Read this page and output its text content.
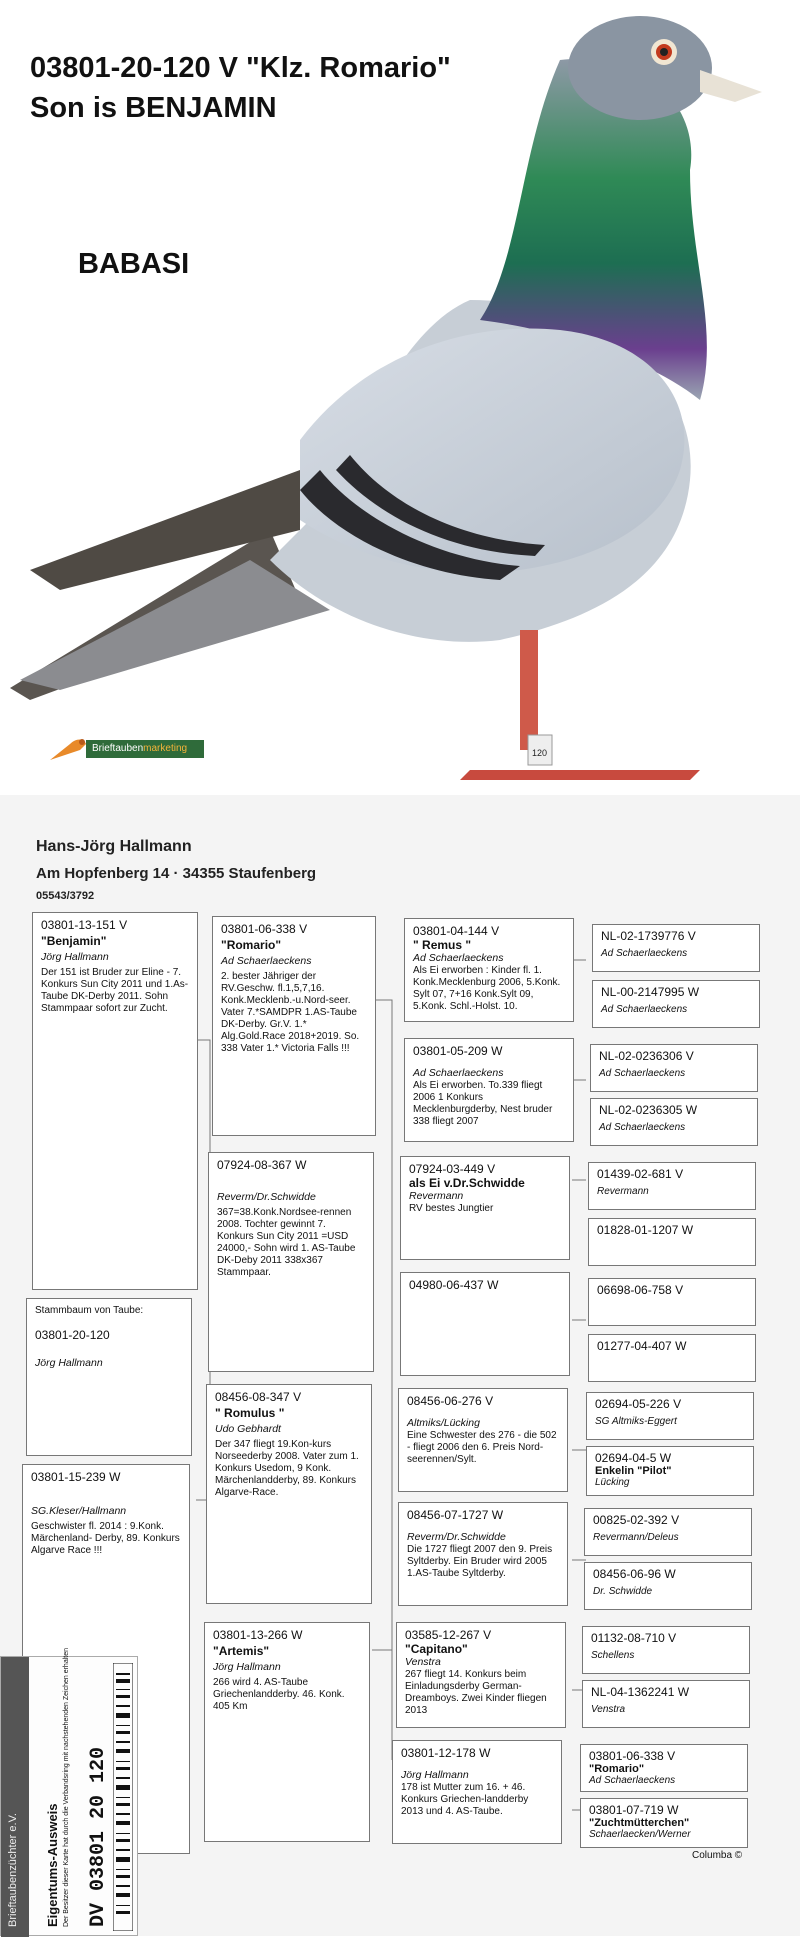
120
03801-20-120 V "Klz. Romario"
Son is BENJAMIN
BABASI
Brieftaubenmarketing
Hans-Jörg Hallmann
Am Hopfenberg 14 · 34355 Staufenberg
05543/3792
03801-13-151 V
"Benjamin"
Jörg Hallmann
Der 151 ist Bruder zur Eline - 7. Konkurs Sun City 2011 und 1.As-Taube DK-Derby 2011. Sohn Stammpaar sofort zur Zucht.
Stammbaum von Taube:
03801-20-120
Jörg Hallmann
03801-15-239 W
SG.Kleser/Hallmann
Geschwister fl. 2014 : 9.Konk. Märchenland- Derby, 89. Konkurs Algarve Race !!!
03801-06-338 V
"Romario"
Ad Schaerlaeckens
2. bester Jähriger der RV.Geschw. fl.1,5,7,16. Konk.Mecklenb.-u.Nord-seer. Vater 7.*SAMDPR 1.AS-Taube DK-Derby. Gr.V. 1.* Alg.Gold.Race 2018+2019. So. 338 Vater 1.* Victoria Falls !!!
07924-08-367 W
Reverm/Dr.Schwidde
367=38.Konk.Nordsee-rennen 2008. Tochter gewinnt 7. Konkurs Sun City 2011 =USD 24000,- Sohn wird 1. AS-Taube DK-Deby 2011 338x367 Stammpaar.
08456-08-347 V
" Romulus "
Udo Gebhardt
Der 347 fliegt 19.Kon-kurs Norseederby 2008. Vater zum 1. Konkurs Usedom, 9 Konk. Märchenlandderby, 89. Konkurs Algarve-Race.
03801-13-266 W
"Artemis"
Jörg Hallmann
266 wird 4. AS-Taube Griechenlandderby. 46. Konk. 405 Km
03801-04-144 V
" Remus "
Ad Schaerlaeckens
Als Ei erworben : Kinder fl. 1. Konk.Mecklenburg 2006, 5.Konk. Sylt 07, 7+16 Konk.Sylt 09, 5.Konk. Schl.-Holst. 10.
03801-05-209 W
Ad Schaerlaeckens
Als Ei erworben. To.339 fliegt 2006 1 Konkurs Mecklenburgderby, Nest bruder 338 fliegt 2007
07924-03-449 V
als Ei v.Dr.Schwidde
Revermann
RV bestes Jungtier
04980-06-437 W
08456-06-276 V
Altmiks/Lücking
Eine Schwester des 276 - die 502 - fliegt 2006 den 6. Preis Nord-seerennen/Sylt.
08456-07-1727 W
Reverm/Dr.Schwidde
Die 1727 fliegt 2007 den 9. Preis Syltderby. Ein Bruder wird 2005 1.AS-Taube Syltderby.
03585-12-267 V
"Capitano"
Venstra
267 fliegt 14. Konkurs beim Einladungsderby German-Dreamboys. Zwei Kinder fliegen 2013
03801-12-178 W
Jörg Hallmann
178 ist Mutter zum 16. + 46. Konkurs Griechen-landderby 2013 und 4. AS-Taube.
NL-02-1739776 V
Ad Schaerlaeckens
NL-00-2147995 W
Ad Schaerlaeckens
NL-02-0236306 V
Ad Schaerlaeckens
NL-02-0236305 W
Ad Schaerlaeckens
01439-02-681 V
Revermann
01828-01-1207 W
06698-06-758 V
01277-04-407 W
02694-05-226 V
SG Altmiks-Eggert
02694-04-5 W
Enkelin "Pilot"
Lücking
00825-02-392 V
Revermann/Deleus
08456-06-96 W
Dr. Schwidde
01132-08-710 V
Schellens
NL-04-1362241 W
Venstra
03801-06-338 V
"Romario"
Ad Schaerlaeckens
03801-07-719 W
"Zuchtmütterchen"
Schaerlaecken/Werner
Columba ©
Brieftaubenzüchter e.V. Eigentums-Ausweis Der Besitzer dieser Karte hat durch die Verbandsring mit nachstehenden Zeichen erhalten DV 03801 20 120
